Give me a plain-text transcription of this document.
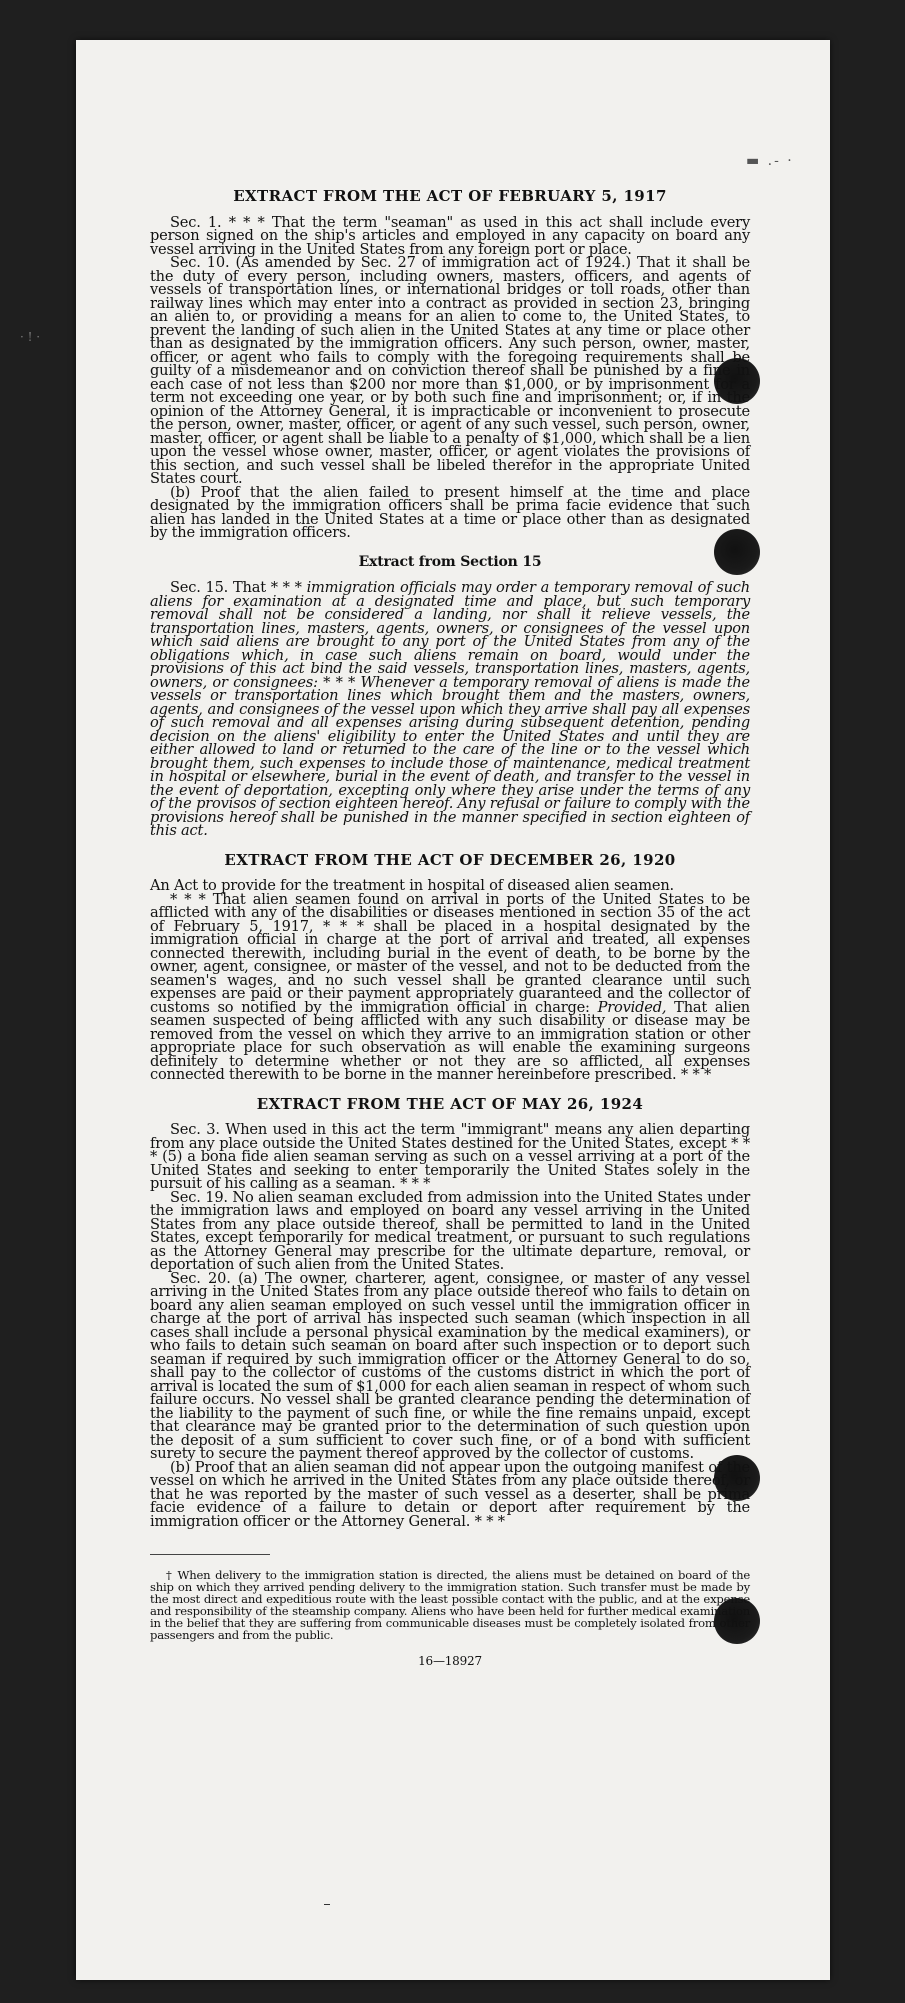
▬ .- ·
EXTRACT FROM THE ACT OF FEBRUARY 5, 1917

Sec. 1. * * * That the term "seaman" as used in this act shall include every person signed on the ship's articles and employed in any capacity on board any vessel arriving in the United States from any foreign port or place.

Sec. 10. (As amended by Sec. 27 of immigration act of 1924.) That it shall be the duty of every person, including owners, masters, officers, and agents of vessels of transportation lines, or international bridges or toll roads, other than railway lines which may enter into a contract as provided in section 23, bringing an alien to, or providing a means for an alien to come to, the United States, to prevent the landing of such alien in the United States at any time or place other than as designated by the immigration officers. Any such person, owner, master, officer, or agent who fails to comply with the foregoing requirements shall be guilty of a misdemeanor and on conviction thereof shall be punished by a fine in each case of not less than $200 nor more than $1,000, or by imprisonment for a term not exceeding one year, or by both such fine and imprisonment; or, if in the opinion of the Attorney General, it is impracticable or inconvenient to prosecute the person, owner, master, officer, or agent of any such vessel, such person, owner, master, officer, or agent shall be liable to a penalty of $1,000, which shall be a lien upon the vessel whose owner, master, officer, or agent violates the provisions of this section, and such vessel shall be libeled therefor in the appropriate United States court.

(b) Proof that the alien failed to present himself at the time and place designated by the immigration officers shall be prima facie evidence that such alien has landed in the United States at a time or place other than as designated by the immigration officers.

Extract from Section 15

Sec. 15. That * * * immigration officials may order a temporary removal of such aliens for examination at a designated time and place, but such temporary removal shall not be considered a landing, nor shall it relieve vessels, the transportation lines, masters, agents, owners, or consignees of the vessel upon which said aliens are brought to any port of the United States from any of the obligations which, in case such aliens remain on board, would under the provisions of this act bind the said vessels, transportation lines, masters, agents, owners, or consignees: * * * Whenever a temporary removal of aliens is made the vessels or transportation lines which brought them and the masters, owners, agents, and consignees of the vessel upon which they arrive shall pay all expenses of such removal and all expenses arising during subsequent detention, pending decision on the aliens' eligibility to enter the United States and until they are either allowed to land or returned to the care of the line or to the vessel which brought them, such expenses to include those of maintenance, medical treatment in hospital or elsewhere, burial in the event of death, and transfer to the vessel in the event of deportation, excepting only where they arise under the terms of any of the provisos of section eighteen hereof. Any refusal or failure to comply with the provisions hereof shall be punished in the manner specified in section eighteen of this act.

EXTRACT FROM THE ACT OF DECEMBER 26, 1920

An Act to provide for the treatment in hospital of diseased alien seamen.

* * * That alien seamen found on arrival in ports of the United States to be afflicted with any of the disabilities or diseases mentioned in section 35 of the act of February 5, 1917, * * * shall be placed in a hospital designated by the immigration official in charge at the port of arrival and treated, all expenses connected therewith, including burial in the event of death, to be borne by the owner, agent, consignee, or master of the vessel, and not to be deducted from the seamen's wages, and no such vessel shall be granted clearance until such expenses are paid or their payment appropriately guaranteed and the collector of customs so notified by the immigration official in charge: Provided, That alien seamen suspected of being afflicted with any such disability or disease may be removed from the vessel on which they arrive to an immigration station or other appropriate place for such observation as will enable the examining surgeons definitely to determine whether or not they are so afflicted, all expenses connected therewith to be borne in the manner hereinbefore prescribed. * * *

EXTRACT FROM THE ACT OF MAY 26, 1924

Sec. 3. When used in this act the term "immigrant" means any alien departing from any place outside the United States destined for the United States, except * * * (5) a bona fide alien seaman serving as such on a vessel arriving at a port of the United States and seeking to enter temporarily the United States solely in the pursuit of his calling as a seaman. * * *

Sec. 19. No alien seaman excluded from admission into the United States under the immigration laws and employed on board any vessel arriving in the United States from any place outside thereof, shall be permitted to land in the United States, except temporarily for medical treatment, or pursuant to such regulations as the Attorney General may prescribe for the ultimate departure, removal, or deportation of such alien from the United States.

Sec. 20. (a) The owner, charterer, agent, consignee, or master of any vessel arriving in the United States from any place outside thereof who fails to detain on board any alien seaman employed on such vessel until the immigration officer in charge at the port of arrival has inspected such seaman (which inspection in all cases shall include a personal physical examination by the medical examiners), or who fails to detain such seaman on board after such inspection or to deport such seaman if required by such immigration officer or the Attorney General to do so, shall pay to the collector of customs of the customs district in which the port of arrival is located the sum of $1,000 for each alien seaman in respect of whom such failure occurs. No vessel shall be granted clearance pending the determination of the liability to the payment of such fine, or while the fine remains unpaid, except that clearance may be granted prior to the determination of such question upon the deposit of a sum sufficient to cover such fine, or of a bond with sufficient surety to secure the payment thereof approved by the collector of customs.

(b) Proof that an alien seaman did not appear upon the outgoing manifest of the vessel on which he arrived in the United States from any place outside thereof, or that he was reported by the master of such vessel as a deserter, shall be prima facie evidence of a failure to detain or deport after requirement by the immigration officer or the Attorney General. * * *

† When delivery to the immigration station is directed, the aliens must be detained on board of the ship on which they arrived pending delivery to the immigration station. Such transfer must be made by the most direct and expeditious route with the least possible contact with the public, and at the expense and responsibility of the steamship company. Aliens who have been held for further medical examination in the belief that they are suffering from communicable diseases must be completely isolated from other passengers and from the public.

16—18927
· ! ·
